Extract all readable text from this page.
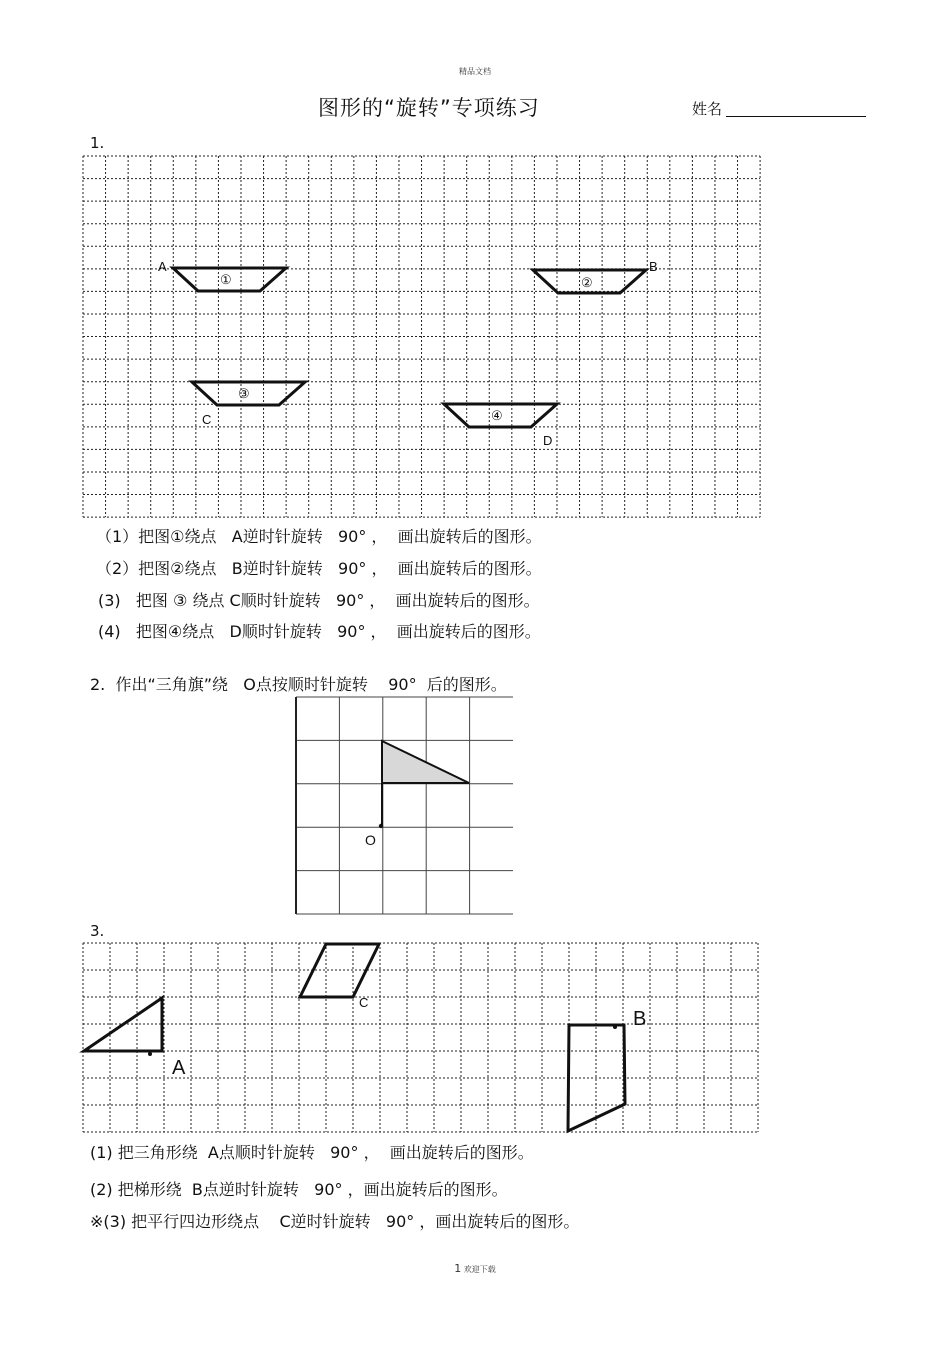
精品文档
图形的“旋转”专项练习	姓名
1.
①	②
③
④
A	B
C
D
（1）把图①绕点   A逆时针旋转   90° ，  画出旋转后的图形。
（2）把图②绕点   B逆时针旋转   90° ，  画出旋转后的图形。
(3)   把图 ③ 绕点 C顺时针旋转   90° ，  画出旋转后的图形。
(4)   把图④绕点   D顺时针旋转   90° ，  画出旋转后的图形。
2.  作出“三角旗”绕   O点按顺时针旋转    90°  后的图形。
O
3.
A
B
C
(1) 把三角形绕  A点顺时针旋转   90° ，  画出旋转后的图形。
(2) 把梯形绕  B点逆时针旋转   90° ，画出旋转后的图形。
※(3) 把平行四边形绕点    C逆时针旋转   90° ，画出旋转后的图形。
1 欢迎下载
